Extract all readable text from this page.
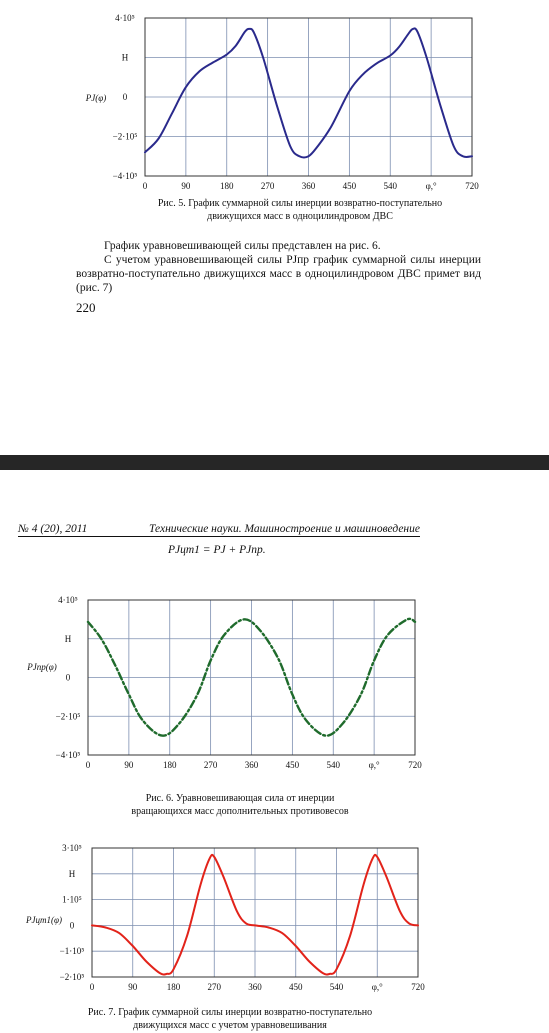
0	90	180	270	360	450	540	φ,°	720
4·10⁵
Н
0
−2·10⁵
−4·10⁵
PJ(φ)
Рис. 5. График суммарной силы инерции возвратно-поступательно
движущихся масс в одноцилиндровом ДВС

График уравновешивающей силы представлен на рис. 6.

С учетом уравновешивающей силы PJпр график суммарной силы инерции возвратно-поступательно движущихся масс в одноцилиндровом ДВС примет вид (рис. 7)

220
№ 4 (20), 2011	Технические науки. Машиностроение и машиноведение
PJцт1 = PJ + PJпр.
0	90	180	270	360	450	540	φ,°	720
4·10⁵
Н
0
−2·10⁵
−4·10⁵
PJпр(φ)
Рис. 6. Уравновешивающая сила от инерции
вращающихся масс дополнительных противовесов
0	90	180	270	360	450	540	φ,°	720
3·10⁵
Н
1·10⁵
0
−1·10⁵
−2·10⁵
PJцт1(φ)
Рис. 7. График суммарной силы инерции возвратно-поступательно
движущихся масс с учетом уравновешивания
